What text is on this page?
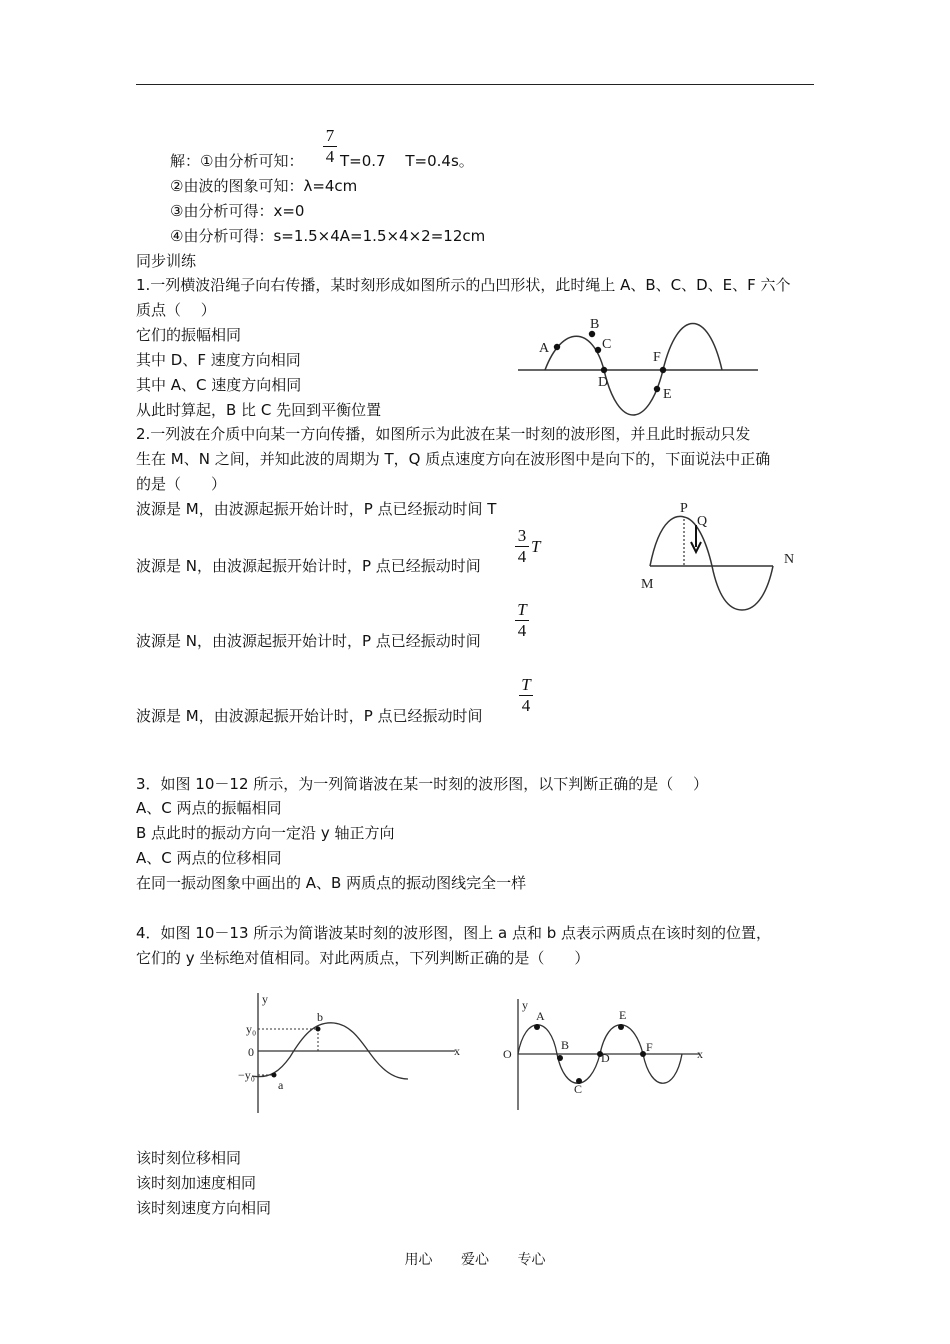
解：①由分析可知：
7
4 T=0.7　 T=0.4s。
②由波的图象可知：λ=4cm
③由分析可得：x=0
④由分析可得：s=1.5×4A=1.5×4×2=12cm
同步训练
1.一列横波沿绳子向右传播，某时刻形成如图所示的凸凹形状，此时绳上 A、B、C、D、E、F 六个
质点（　 ）
它们的振幅相同
其中 D、F 速度方向相同
其中 A、C 速度方向相同
从此时算起，B 比 C 先回到平衡位置
A
B
C
D
E
F
2.一列波在介质中向某一方向传播，如图所示为此波在某一时刻的波形图，并且此时振动只发
生在 M、N 之间，并知此波的周期为 T，Q 质点速度方向在波形图中是向下的，下面说法中正确
的是（　　）
波源是 M，由波源起振开始计时，P 点已经振动时间 T
波源是 N，由波源起振开始计时，P 点已经振动时间
3
4
T
波源是 N，由波源起振开始计时，P 点已经振动时间
T
4
波源是 M，由波源起振开始计时，P 点已经振动时间
T
4
P
Q
M
N
3．如图 10－12 所示，为一列简谐波在某一时刻的波形图，以下判断正确的是（　 ）
A、C 两点的振幅相同
B 点此时的振动方向一定沿 y 轴正方向
A、C 两点的位移相同
在同一振动图象中画出的 A、B 两质点的振动图线完全一样
4．如图 10－13 所示为简谐波某时刻的波形图，图上 a 点和 b 点表示两质点在该时刻的位置，
它们的 y 坐标绝对值相同。对此两质点，下列判断正确的是（　　）
y
x
y₀
0
−y₀
a
b
y
x
O
A
B
C
D
E
F
该时刻位移相同
该时刻加速度相同
该时刻速度方向相同
用心 爱心 专心
